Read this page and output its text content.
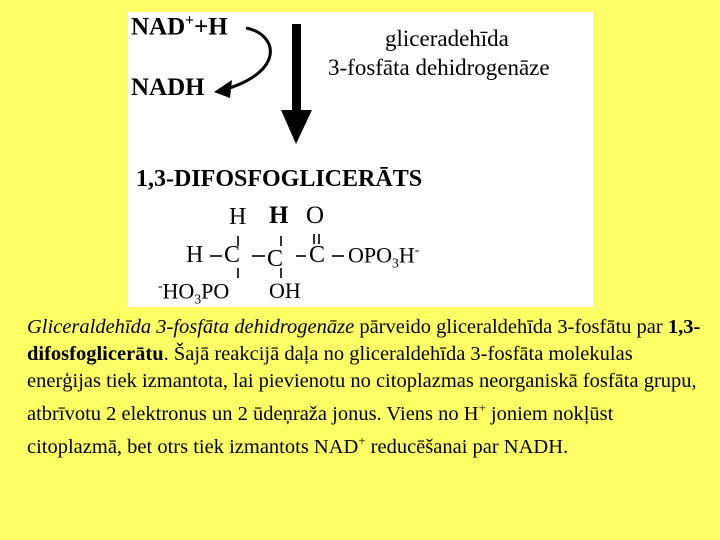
NAD++H
NADH
gliceradehīda
3-fosfāta dehidrogenāze
1,3-DIFOSFOGLICERĀTS
H H O
H C C C $OPO_3H^-$
$^-HO_3PO$ OH

Gliceraldehīda 3-fosfāta dehidrogenāze pārveido gliceraldehīda 3-fosfātu par 1,3-difosfoglicerātu. Šajā reakcijā daļa no gliceraldehīda 3-fosfāta molekulas enerģijas tiek izmantota, lai pievienotu no citoplazmas neorganiskā fosfāta grupu, atbrīvotu 2 elektronus un 2 ūdeņraža jonus. Viens no H+ joniem nokļūst citoplazmā, bet otrs tiek izmantots NAD+ reducēšanai par NADH.
